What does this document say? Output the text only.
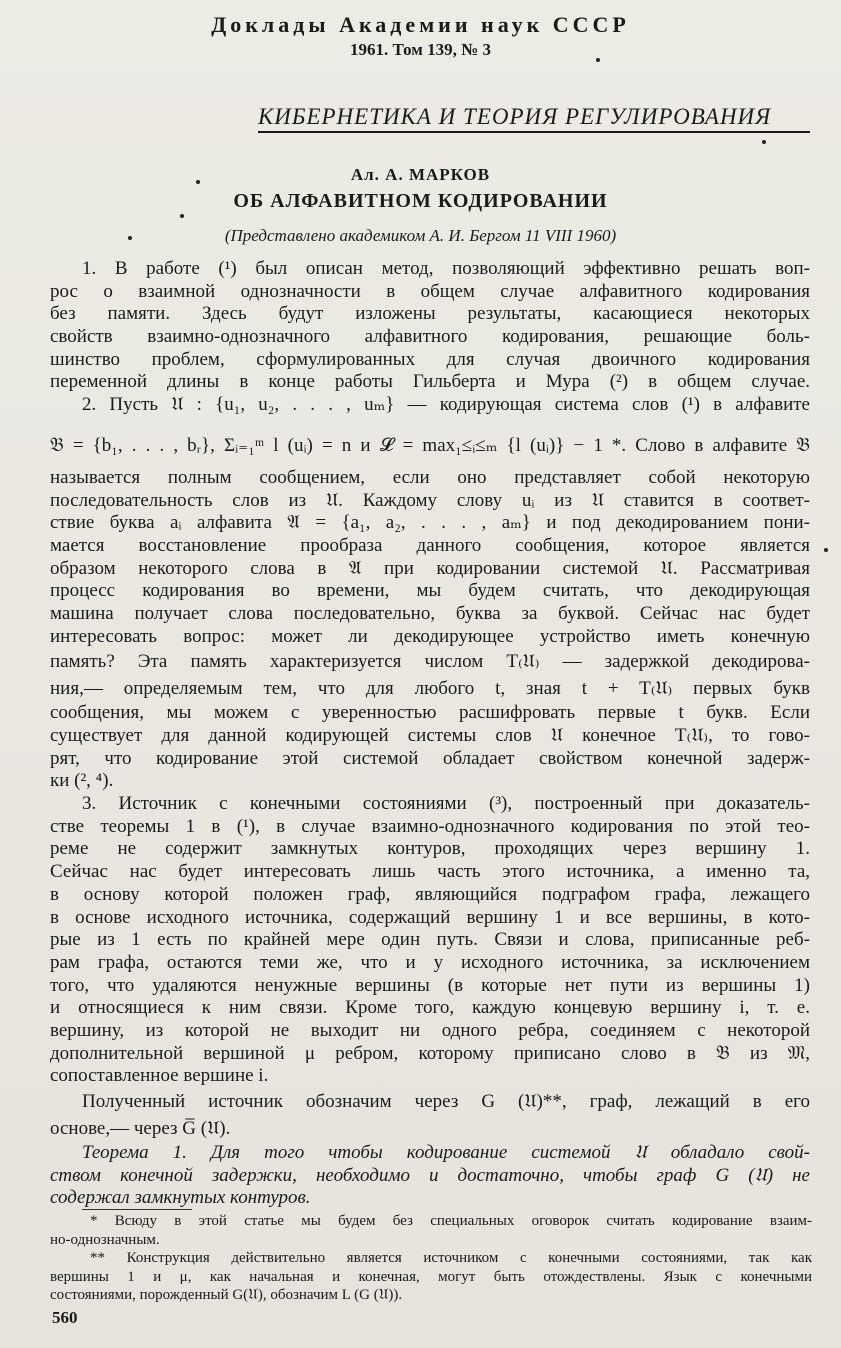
Доклады Академии наук СССР
1961. Том 139, № 3
КИБЕРНЕТИКА И ТЕОРИЯ РЕГУЛИРОВАНИЯ
Ал. А. МАРКОВ
ОБ АЛФАВИТНОМ КОДИРОВАНИИ
(Представлено академиком А. И. Бергом 11 VIII 1960)
1. В работе (¹) был описан метод, позволяющий эффективно решать воп-
рос о взаимной однозначности в общем случае алфавитного кодирования
без памяти. Здесь будут изложены результаты, касающиеся некоторых
свойств взаимно-однозначного алфавитного кодирования, решающие боль-
шинство проблем, сформулированных для случая двоичного кодирования
переменной длины в конце работы Гильберта и Мура (²) в общем случае.
2. Пусть 𝔘 : {u₁, u₂, . . . , uₘ} — кодирующая система слов (¹) в алфавите
𝔅 = {b₁, . . . , bᵣ}, Σᵢ₌₁ᵐ l (uᵢ) = n и 𝓛 = max₁≤ᵢ≤ₘ {l (uᵢ)} − 1 *. Слово в алфавите 𝔅
называется полным сообщением, если оно представляет собой некоторую
последовательность слов из 𝔘. Каждому слову uᵢ из 𝔘 ставится в соответ-
ствие буква aᵢ алфавита 𝔄 = {a₁, a₂, . . . , aₘ} и под декодированием пони-
мается восстановление прообраза данного сообщения, которое является
образом некоторого слова в 𝔄 при кодировании системой 𝔘. Рассматривая
процесс кодирования во времени, мы будем считать, что декодирующая
машина получает слова последовательно, буква за буквой. Сейчас нас будет
интересовать вопрос: может ли декодирующее устройство иметь конечную
память? Эта память характеризуется числом T₍𝔘₎ — задержкой декодирова-
ния,— определяемым тем, что для любого t, зная t + T₍𝔘₎ первых букв
сообщения, мы можем с уверенностью расшифровать первые t букв. Если
существует для данной кодирующей системы слов 𝔘 конечное T₍𝔘₎, то гово-
рят, что кодирование этой системой обладает свойством конечной задерж-
ки (², ⁴).
3. Источник с конечными состояниями (³), построенный при доказатель-
стве теоремы 1 в (¹), в случае взаимно-однозначного кодирования по этой тео-
реме не содержит замкнутых контуров, проходящих через вершину 1.
Сейчас нас будет интересовать лишь часть этого источника, а именно та,
в основу которой положен граф, являющийся подграфом графа, лежащего
в основе исходного источника, содержащий вершину 1 и все вершины, в кото-
рые из 1 есть по крайней мере один путь. Связи и слова, приписанные реб-
рам графа, остаются теми же, что и у исходного источника, за исключением
того, что удаляются ненужные вершины (в которые нет пути из вершины 1)
и относящиеся к ним связи. Кроме того, каждую концевую вершину i, т. е.
вершину, из которой не выходит ни одного ребра, соединяем с некоторой
дополнительной вершиной μ ребром, которому приписано слово в 𝔅 из 𝔐,
сопоставленное вершине i.
Полученный источник обозначим через G (𝔘)**, граф, лежащий в его
основе,— через G̅ (𝔘).
Теорема 1. Для того чтобы кодирование системой 𝔘 обладало свой-
ством конечной задержки, необходимо и достаточно, чтобы граф G (𝔘) не
содержал замкнутых контуров.
* Всюду в этой статье мы будем без специальных оговорок считать кодирование взаим-
но-однозначным.
** Конструкция действительно является источником с конечными состояниями, так как
вершины 1 и μ, как начальная и конечная, могут быть отождествлены. Язык с конечными
состояниями, порожденный G(𝔘), обозначим L (G (𝔘)).
560
